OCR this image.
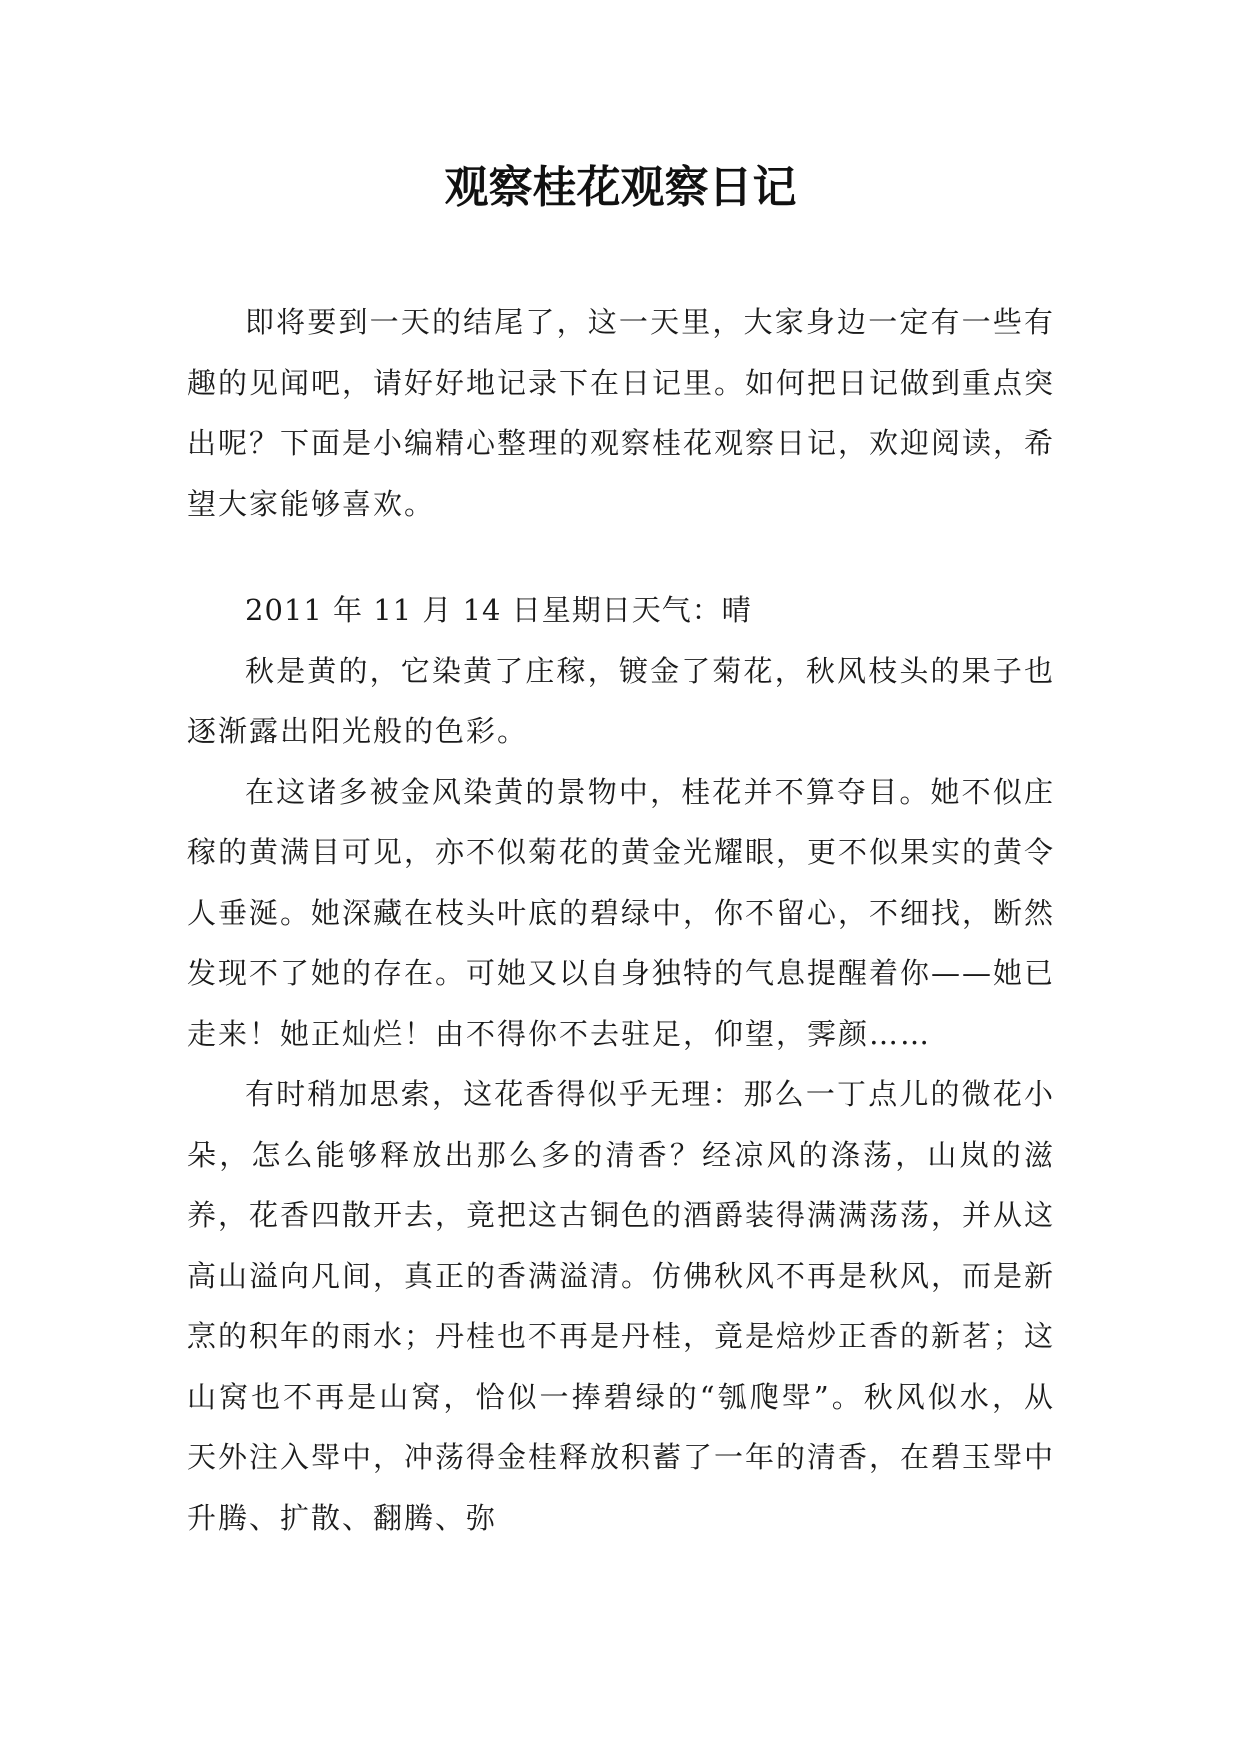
观察桂花观察日记

即将要到一天的结尾了，这一天里，大家身边一定有一些有趣的见闻吧，请好好地记录下在日记里。如何把日记做到重点突出呢？下面是小编精心整理的观察桂花观察日记，欢迎阅读，希望大家能够喜欢。

2011 年 11 月 14 日星期日天气：晴

秋是黄的，它染黄了庄稼，镀金了菊花，秋风枝头的果子也逐渐露出阳光般的色彩。

在这诸多被金风染黄的景物中，桂花并不算夺目。她不似庄稼的黄满目可见，亦不似菊花的黄金光耀眼，更不似果实的黄令人垂涎。她深藏在枝头叶底的碧绿中，你不留心，不细找，断然发现不了她的存在。可她又以自身独特的气息提醒着你——她已走来！她正灿烂！由不得你不去驻足，仰望，霁颜……

有时稍加思索，这花香得似乎无理：那么一丁点儿的微花小朵，怎么能够释放出那么多的清香？经凉风的涤荡，山岚的滋养，花香四散开去，竟把这古铜色的酒爵装得满满荡荡，并从这高山溢向凡间，真正的香满溢清。仿佛秋风不再是秋风，而是新烹的积年的雨水；丹桂也不再是丹桂，竟是焙炒正香的新茗；这山窝也不再是山窝，恰似一捧碧绿的“瓠爮斝”。秋风似水，从天外注入斝中，冲荡得金桂释放积蓄了一年的清香，在碧玉斝中升腾、扩散、翻腾、弥
